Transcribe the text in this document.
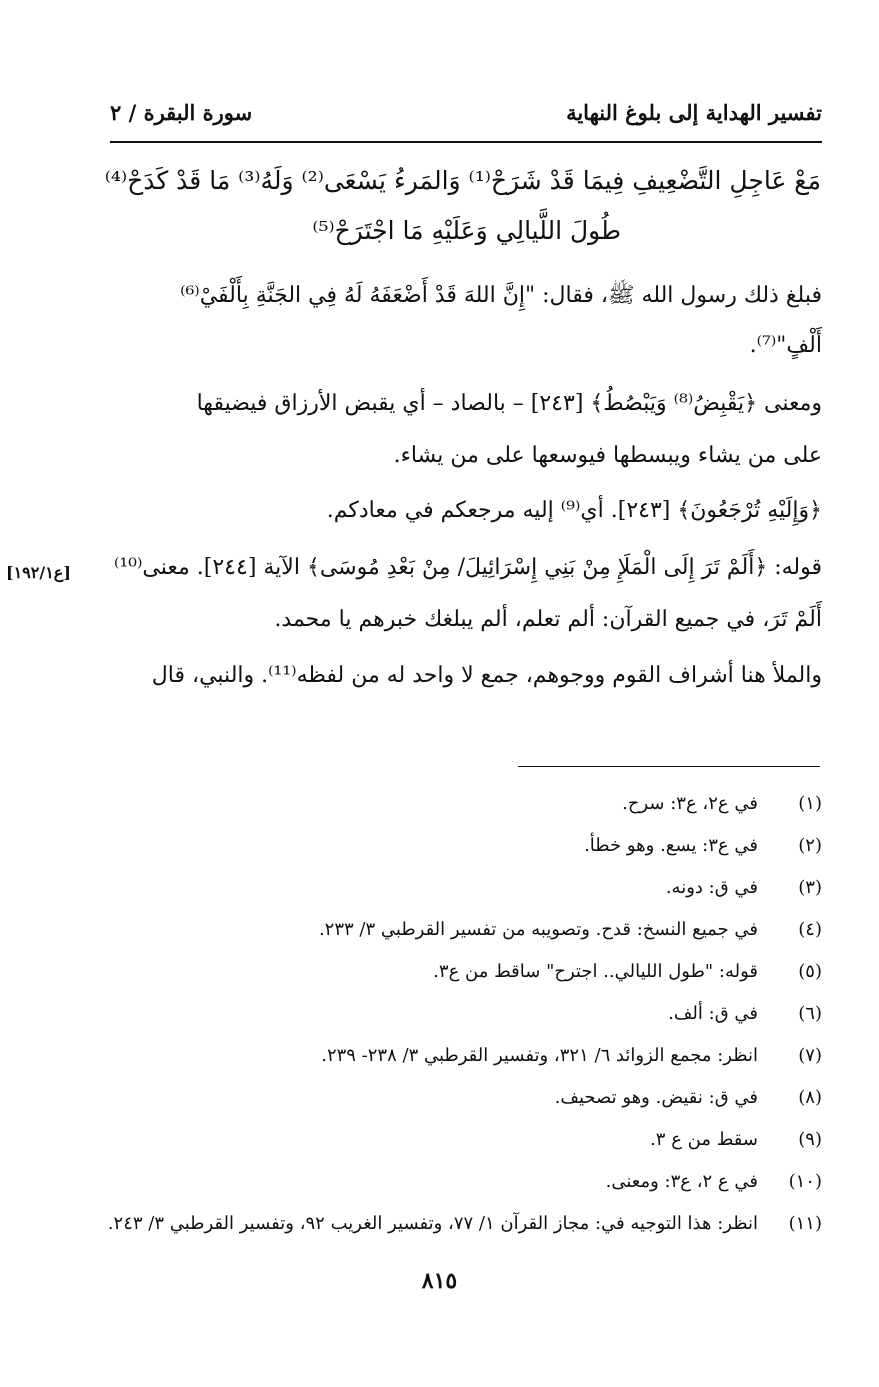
سورة البقرة / ٢	تفسير الهداية إلى بلوغ النهاية
مَعْ عَاجِلِ التَّضْعِيفِ فِيمَا قَدْ شَرَحْ⁽¹⁾ وَالمَرءُ يَسْعَى⁽²⁾ وَلَهُ⁽³⁾ مَا قَدْ كَدَحْ⁽⁴⁾
طُولَ اللَّيالِي وَعَلَيْهِ مَا اجْتَرَحْ⁽⁵⁾
فبلغ ذلك رسول الله ﷺ، فقال: "إِنَّ اللهَ قَدْ أَضْعَفَهُ لَهُ فِي الجَنَّةِ بِأَلْفَيْ⁽⁶⁾
أَلْفٍ"⁽⁷⁾.
ومعنى ﴿يَقْبِضُ⁽⁸⁾ وَيَبْصُطُ﴾ [٢٤٣] – بالصاد – أي يقبض الأرزاق فيضيقها
على من يشاء ويبسطها فيوسعها على من يشاء.
﴿وَإِلَيْهِ تُرْجَعُونَ﴾ [٢٤٣]. أي⁽⁹⁾ إليه مرجعكم في معادكم.
قوله: ﴿أَلَمْ تَرَ إِلَى الْمَلَإِ مِنْ بَنِي إِسْرَائِيلَ/ مِنْ بَعْدِ مُوسَى﴾ الآية [٢٤٤]. معنى⁽¹⁰⁾
[ع١٩٢/١]
أَلَمْ تَرَ، في جميع القرآن: ألم تعلم، ألم يبلغك خبرهم يا محمد.
والملأ هنا أشراف القوم ووجوهم، جمع لا واحد له من لفظه⁽¹¹⁾. والنبي، قال
(١)
في ع٢، ع٣: سرح.
(٢)
في ع٣: يسع. وهو خطأ.
(٣)
في ق: دونه.
(٤)
في جميع النسخ: قدح. وتصويبه من تفسير القرطبي ٣/ ٢٣٣.
(٥)
قوله: "طول الليالي.. اجترح" ساقط من ع٣.
(٦)
في ق: ألف.
(٧)
انظر: مجمع الزوائد ٦/ ٣٢١، وتفسير القرطبي ٣/ ٢٣٨- ٢٣٩.
(٨)
في ق: نقيض. وهو تصحيف.
(٩)
سقط من ع ٣.
(١٠)
في ع ٢، ع٣: ومعنى.
(١١)
انظر: هذا التوجيه في: مجاز القرآن ١/ ٧٧، وتفسير الغريب ٩٢، وتفسير القرطبي ٣/ ٢٤٣.
٨١٥
